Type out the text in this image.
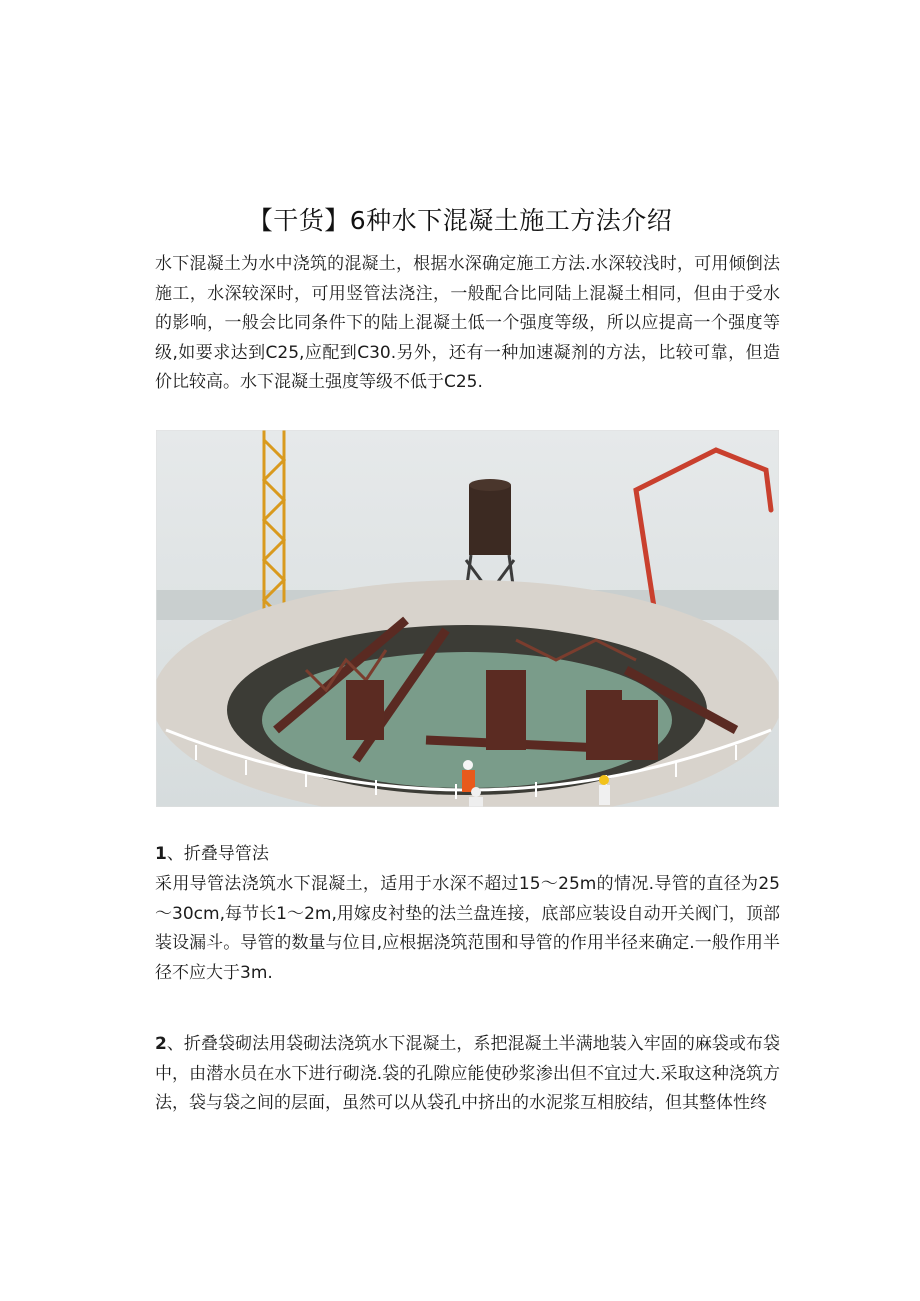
【干货】6种水下混凝土施工方法介绍

水下混凝土为水中浇筑的混凝土，根据水深确定施工方法.水深较浅时，可用倾倒法施工，水深较深时，可用竖管法浇注，一般配合比同陆上混凝土相同，但由于受水的影响，一般会比同条件下的陆上混凝土低一个强度等级，所以应提高一个强度等级,如要求达到C25,应配到C30.另外，还有一种加速凝剂的方法，比较可靠，但造价比较高。水下混凝土强度等级不低于C25.

1、折叠导管法

采用导管法浇筑水下混凝土，适用于水深不超过15～25m的情况.导管的直径为25～30cm,每节长1～2m,用嫁皮衬垫的法兰盘连接，底部应装设自动开关阀门，顶部装设漏斗。导管的数量与位目,应根据浇筑范围和导管的作用半径来确定.一般作用半径不应大于3m.

2、折叠袋砌法用袋砌法浇筑水下混凝土，系把混凝土半满地装入牢固的麻袋或布袋中，由潜水员在水下进行砌浇.袋的孔隙应能使砂浆渗出但不宜过大.采取这种浇筑方法，袋与袋之间的层面，虽然可以从袋孔中挤出的水泥浆互相胶结，但其整体性终
